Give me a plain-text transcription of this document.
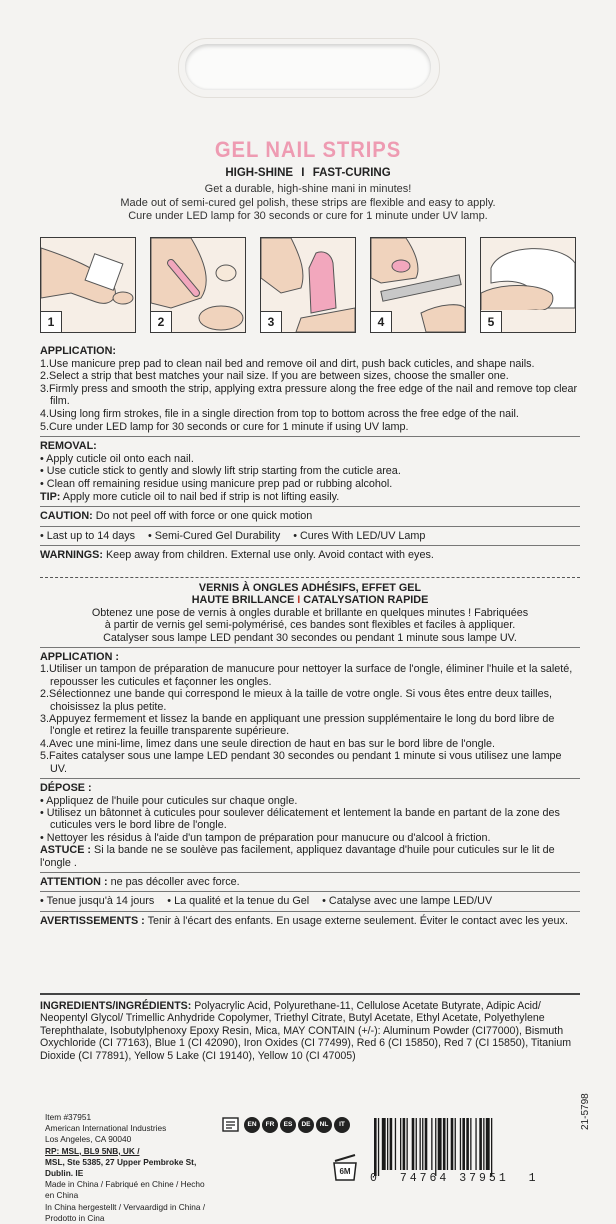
GEL NAIL STRIPS
HIGH-SHINE I FAST-CURING
Get a durable, high-shine mani in minutes!
Made out of semi-cured gel polish, these strips are flexible and easy to apply.
Cure under LED lamp for 30 seconds or cure for 1 minute under UV lamp.
1	2	3	4	5

APPLICATION:

1.Use manicure prep pad to clean nail bed and remove oil and dirt, push back cuticles, and shape nails.

2.Select a strip that best matches your nail size. If you are between sizes, choose the smaller one.

3.Firmly press and smooth the strip, applying extra pressure along the free edge of the nail and remove top clear film.

4.Using long firm strokes, file in a single direction from top to bottom across the free edge of the nail.

5.Cure under LED lamp for 30 seconds or cure for 1 minute if using UV lamp.

REMOVAL:

• Apply cuticle oil onto each nail.

• Use cuticle stick to gently and slowly lift strip starting from the cuticle area.

• Clean off remaining residue using manicure prep pad or rubbing alcohol.

TIP: Apply more cuticle oil to nail bed if strip is not lifting easily.

CAUTION: Do not peel off with force or one quick motion

• Last up to 14 days • Semi-Cured Gel Durability • Cures With LED/UV Lamp

WARNINGS: Keep away from children. External use only. Avoid contact with eyes.

VERNIS À ONGLES ADHÉSIFS, EFFET GEL

HAUTE BRILLANCE I CATALYSATION RAPIDE

Obtenez une pose de vernis à ongles durable et brillante en quelques minutes ! Fabriquées

à partir de vernis gel semi-polymérisé, ces bandes sont flexibles et faciles à appliquer.

Catalyser sous lampe LED pendant 30 secondes ou pendant 1 minute sous lampe UV.

APPLICATION :

1.Utiliser un tampon de préparation de manucure pour nettoyer la surface de l'ongle, éliminer l'huile et la saleté, repousser les cuticules et façonner les ongles.

2.Sélectionnez une bande qui correspond le mieux à la taille de votre ongle. Si vous êtes entre deux tailles, choisissez la plus petite.

3.Appuyez fermement et lissez la bande en appliquant une pression supplémentaire le long du bord libre de l'ongle et retirez la feuille transparente supérieure.

4.Avec une mini-lime, limez dans une seule direction de haut en bas sur le bord libre de l'ongle.

5.Faites catalyser sous une lampe LED pendant 30 secondes ou pendant 1 minute si vous utilisez une lampe UV.

DÉPOSE :

• Appliquez de l'huile pour cuticules sur chaque ongle.

• Utilisez un bâtonnet à cuticules pour soulever délicatement et lentement la bande en partant de la zone des cuticules vers le bord libre de l'ongle.

• Nettoyer les résidus à l'aide d'un tampon de préparation pour manucure ou d'alcool à friction.

ASTUCE : Si la bande ne se soulève pas facilement, appliquez davantage d'huile pour cuticules sur le lit de l'ongle .

ATTENTION : ne pas décoller avec force.

• Tenue jusqu'à 14 jours • La qualité et la tenue du Gel • Catalyse avec une lampe LED/UV

AVERTISSEMENTS : Tenir à l'écart des enfants. En usage externe seulement. Éviter le contact avec les yeux.

INGREDIENTS/INGRÉDIENTS: Polyacrylic Acid, Polyurethane-11, Cellulose Acetate Butyrate, Adipic Acid/ Neopentyl Glycol/ Trimellic Anhydride Copolymer, Triethyl Citrate, Butyl Acetate, Ethyl Acetate, Polyethylene Terephthalate, Isobutylphenoxy Epoxy Resin, Mica, MAY CONTAIN (+/-): Aluminum Powder (CI77000), Bismuth Oxychloride (CI 77163), Blue 1 (CI 42090), Iron Oxides (CI 77499), Red 6 (CI 15850), Red 7 (CI 15850), Titanium Dioxide (CI 77891), Yellow 5 Lake (CI 19140), Yellow 10 (CI 47005)

Item #37951

American International Industries

Los Angeles, CA 90040

RP: MSL, BL9 5NB, UK /

MSL, Ste 5385, 27 Upper Pembroke St, Dublin. IE

Made in China / Fabriqué en Chine / Hecho en China

In China hergestellt / Vervaardigd in China / Prodotto in Cina

EN	FR	ES	DE	NL	IT
6M
0 74764 37951 1
21-5798
